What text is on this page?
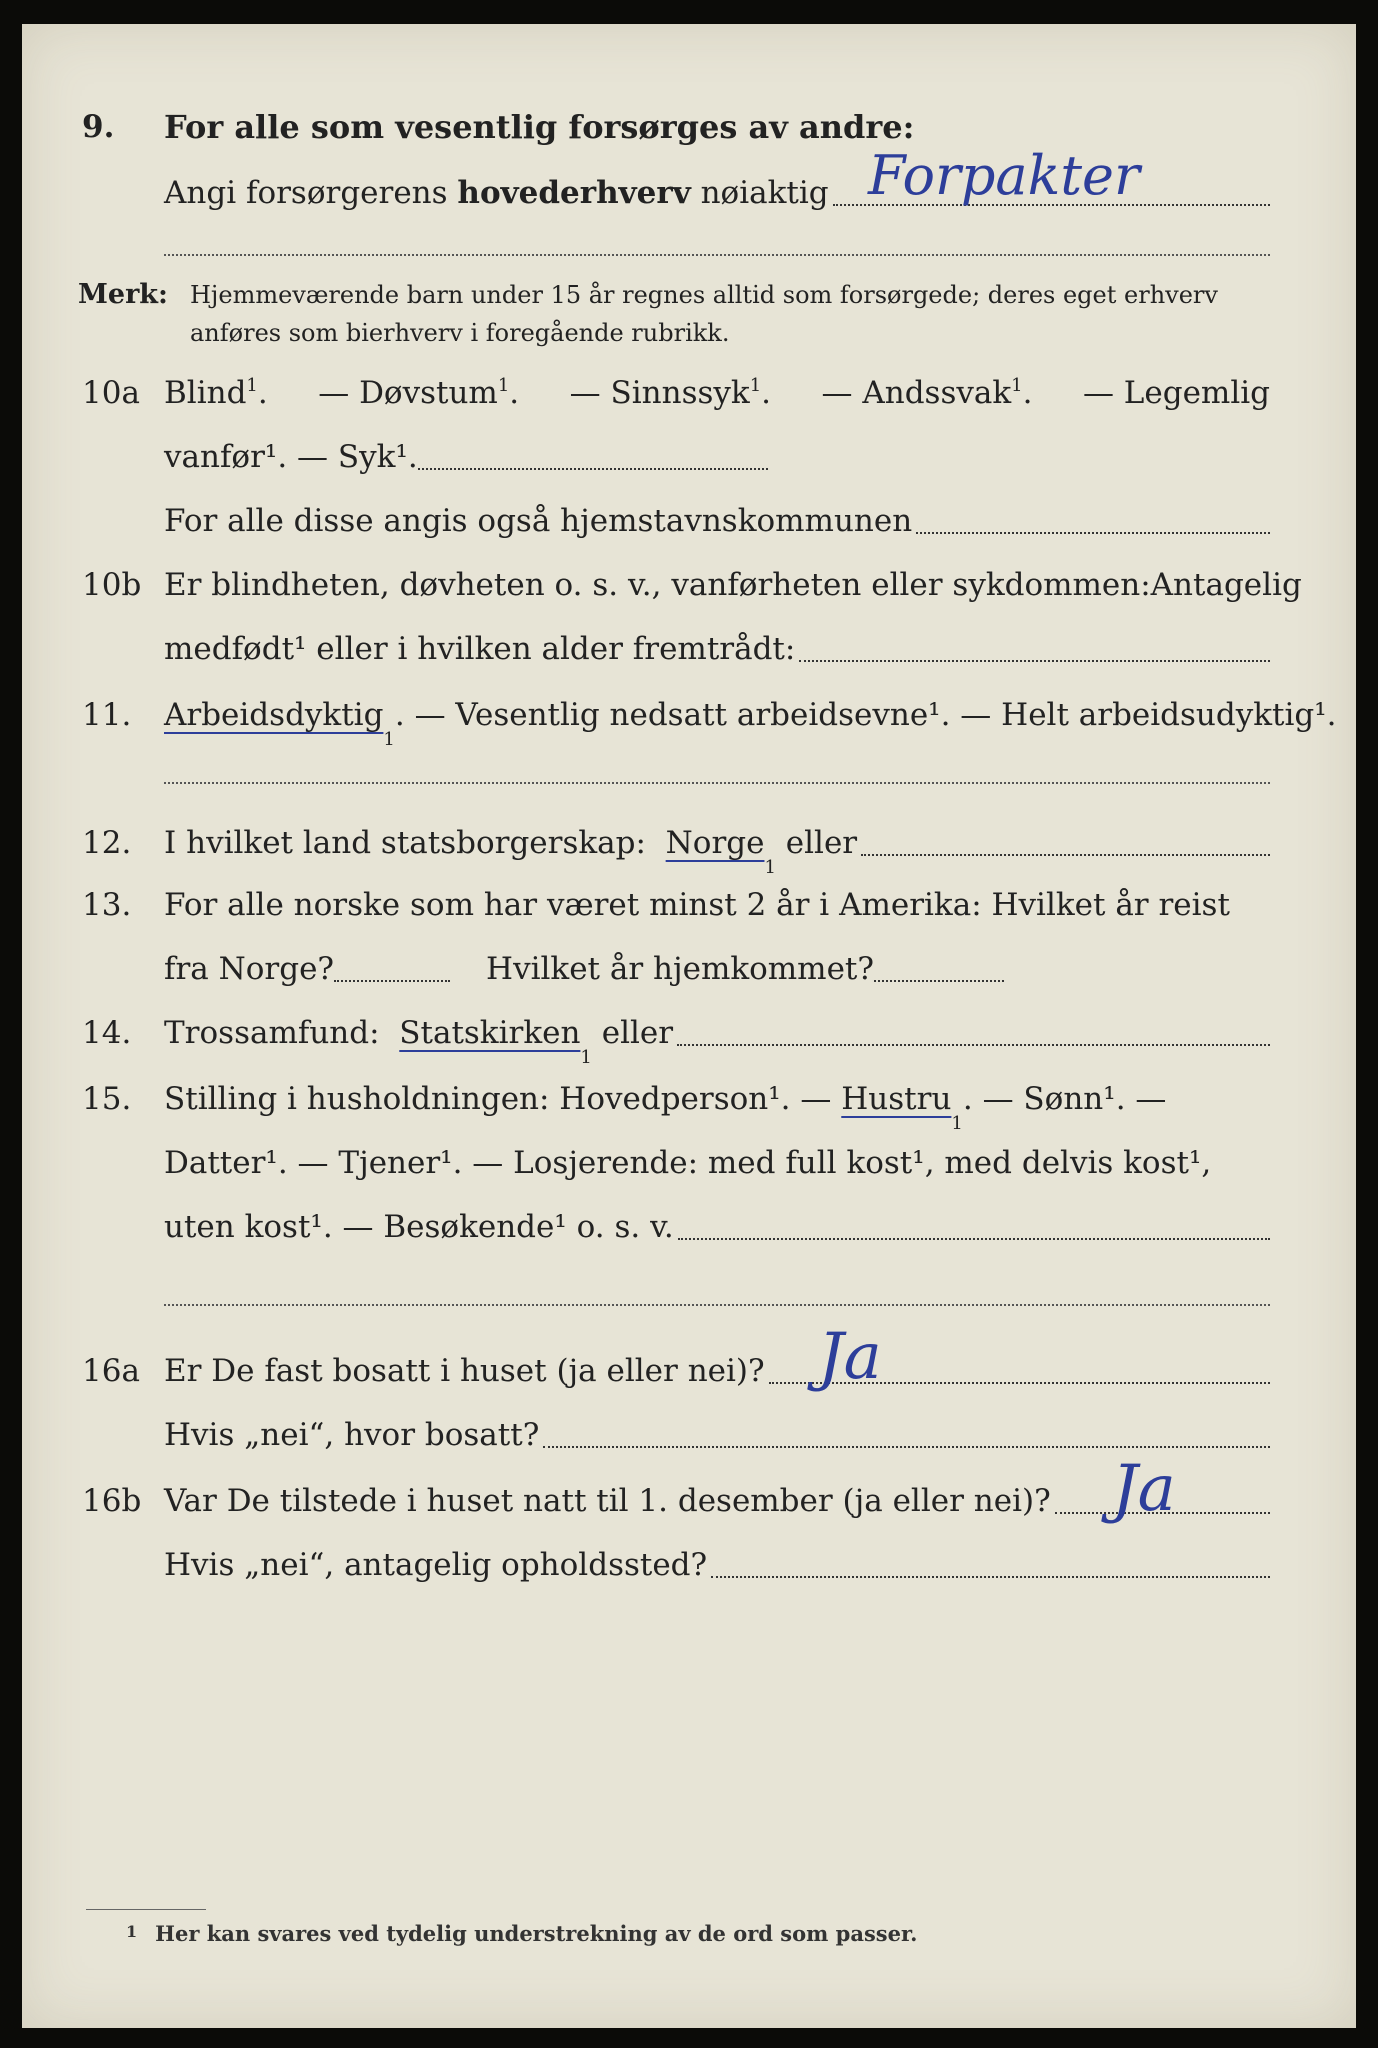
9. For alle som vesentlig forsørges av andre:
Angi forsørgerens
hovederhverv
nøiaktig Forpakter
Merk: Hjemmeværende barn under 15 år regnes alltid som forsørgede; deres eget erhverv
anføres som bierhverv i foregående rubrikk.
10a Blind$^1$. — Døvstum$^1$. — Sinnssyk$^1$. — Andssvak$^1$. — Legemlig
vanfør¹. — Syk¹.
For alle disse angis også hjemstavnskommunen
10b Er blindheten, døvheten o. s. v., vanførheten eller sykdommen: Antagelig
medfødt¹ eller i hvilken alder fremtrådt:
11. Arbeidsdyktig
1
. — Vesentlig nedsatt arbeidsevne¹. — Helt arbeidsudyktig¹.
12. I hvilket land statsborgerskap:
Norge
1

eller
13. For alle norske som har været minst 2 år i Amerika: Hvilket år reist
fra Norge?	Hvilket år hjemkommet?
14. Trossamfund:
Statskirken
1

eller
15. Stilling i husholdningen: Hovedperson¹. —
Hustru
1
. — Sønn¹. —
Datter¹. — Tjener¹. — Losjerende: med full kost¹, med delvis kost¹,
uten kost¹. — Besøkende¹ o. s. v.
16a Er De fast bosatt i huset (ja eller nei)? Ja
Hvis „nei“, hvor bosatt?
16b Var De tilstede i huset natt til 1. desember (ja eller nei)? Ja
Hvis „nei“, antagelig opholdssted?
1 Her kan svares ved tydelig understrekning av de ord som passer.
